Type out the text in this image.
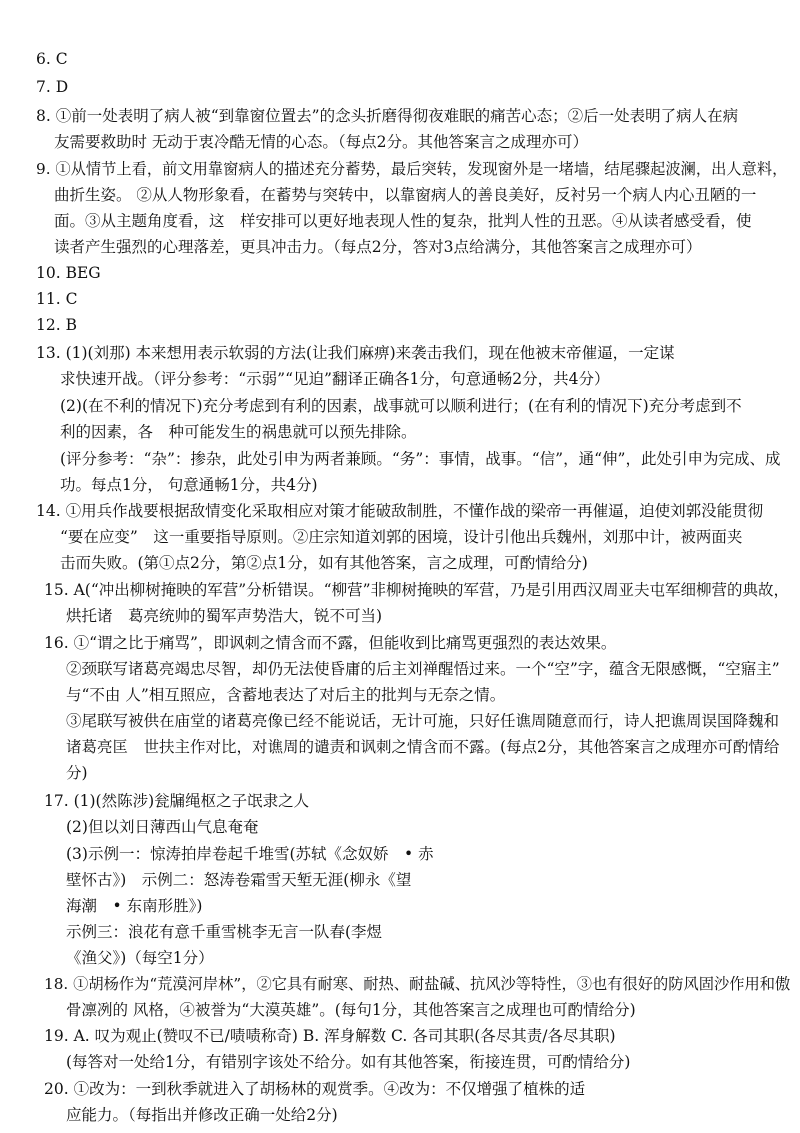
6. C
7. D
8. ①前一处表明了病人被“到靠窗位置去”的念头折磨得彻夜难眠的痛苦心态；②后一处表明了病人在病
友需要救助时 无动于衷冷酷无情的心态。（每点2分。其他答案言之成理亦可）
9. ①从情节上看，前文用靠窗病人的描述充分蓄势，最后突转，发现窗外是一堵墙，结尾骤起波澜，出人意料，
曲折生姿。 ②从人物形象看，在蓄势与突转中，以靠窗病人的善良美好，反衬另一个病人内心丑陋的一
面。③从主题角度看，这　样安排可以更好地表现人性的复杂，批判人性的丑恶。④从读者感受看，使
读者产生强烈的心理落差，更具冲击力。（每点2分，答对3点给满分，其他答案言之成理亦可）
10. BEG
11. C
12. B
13. (1)(刘那) 本来想用表示软弱的方法(让我们麻痹)来袭击我们，现在他被末帝催逼，一定谋
求快速开战。（评分参考：“示弱”“见迫”翻译正确各1分，句意通畅2分，共4分）
(2)(在不利的情况下)充分考虑到有利的因素，战事就可以顺利进行；(在有利的情况下)充分考虑到不
利的因素，各　种可能发生的祸患就可以预先排除。
(评分参考：“杂”：掺杂，此处引申为两者兼顾。“务”：事情，战事。“信”，通“伸”，此处引申为完成、成
功。每点1分， 句意通畅1分，共4分)
14. ①用兵作战要根据敌情变化采取相应对策才能破敌制胜，不懂作战的梁帝一再催逼，迫使刘郭没能贯彻
“要在应变”　这一重要指导原则。②庄宗知道刘郭的困境，设计引他出兵魏州，刘那中计，被两面夹
击而失败。(第①点2分，第②点1分，如有其他答案，言之成理，可酌情给分)
15. A(“冲出柳树掩映的军营”分析错误。“柳营”非柳树掩映的军营，乃是引用西汉周亚夫屯军细柳营的典故，
烘托诸　葛亮统帅的蜀军声势浩大，锐不可当)
16. ①“谓之比于痛骂”，即讽刺之情含而不露，但能收到比痛骂更强烈的表达效果。
②颈联写诸葛亮竭忠尽智，却仍无法使昏庸的后主刘禅醒悟过来。一个“空”字，蕴含无限感慨，“空寤主”
与“不由 人”相互照应，含蓄地表达了对后主的批判与无奈之情。
③尾联写被供在庙堂的诸葛亮像已经不能说话，无计可施，只好任谯周随意而行，诗人把谯周误国降魏和
诸葛亮匡　世扶主作对比，对谯周的谴责和讽刺之情含而不露。(每点2分，其他答案言之成理亦可酌情给
分)
17. (1)(然陈涉)瓮牖绳枢之子氓隶之人
(2)但以刘日薄西山气息奄奄
(3)示例一：惊涛拍岸卷起千堆雪(苏轼《念奴娇　• 赤
壁怀古》)　示例二：怒涛卷霜雪天堑无涯(柳永《望
海潮　• 东南形胜》)
示例三：浪花有意千重雪桃李无言一队春(李煜
《渔父》)（每空1分）
18. ①胡杨作为“荒漠河岸林”，②它具有耐寒、耐热、耐盐碱、抗风沙等特性，③也有很好的防风固沙作用和傲
骨凛冽的 风格，④被誉为“大漠英雄”。(每句1分，其他答案言之成理也可酌情给分)
19. A. 叹为观止(赞叹不已/啧啧称奇) B. 浑身解数 C. 各司其职(各尽其责/各尽其职)
(每答对一处给1分，有错别字该处不给分。如有其他答案，衔接连贯，可酌情给分)
20. ①改为：一到秋季就进入了胡杨林的观赏季。④改为：不仅增强了植株的适
应能力。（每指出并修改正确一处给2分)
